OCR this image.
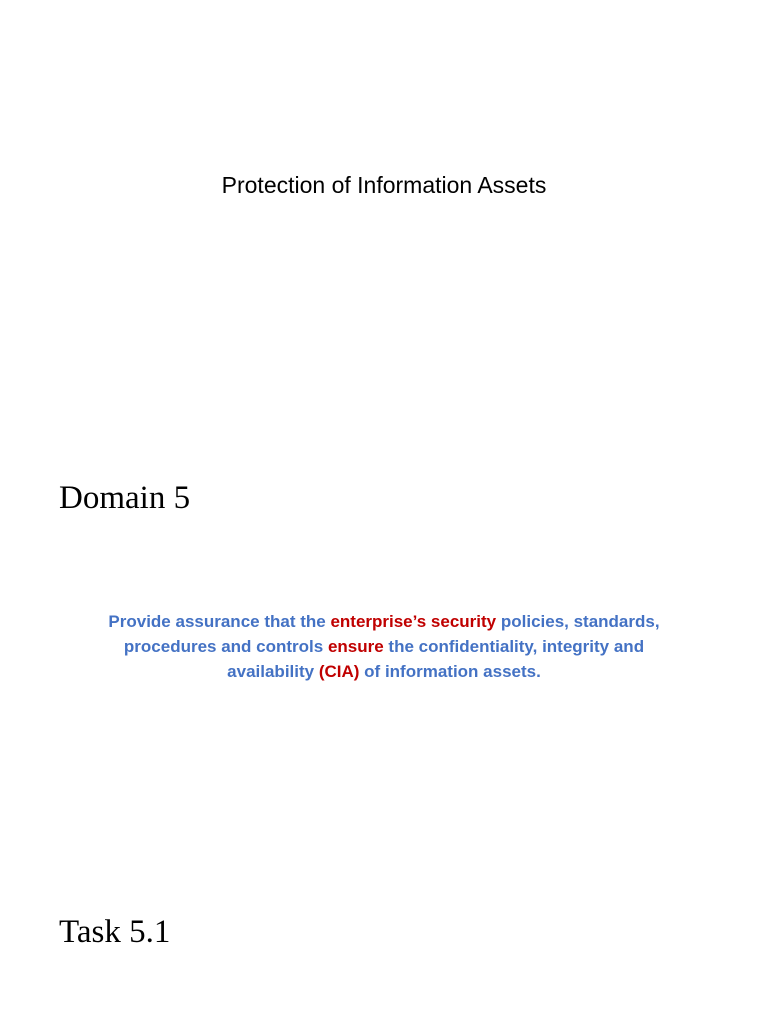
Protection of Information Assets
Domain 5
Provide assurance that the enterprise’s security policies, standards,
procedures and controls ensure the confidentiality, integrity and
availability (CIA) of information assets.
Task 5.1
